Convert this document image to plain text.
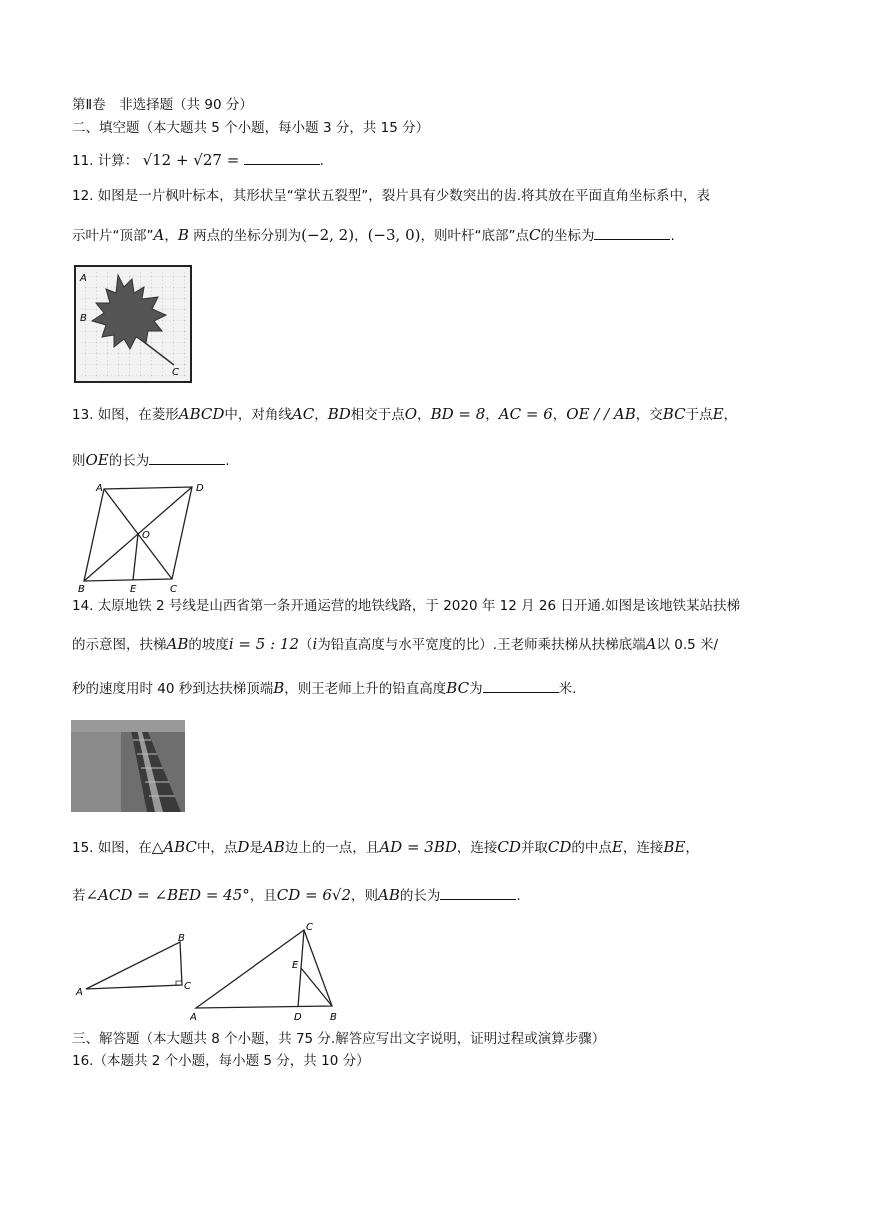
第Ⅱ卷　非选择题（共 90 分）
二、填空题（本大题共 5 个小题，每小题 3 分，共 15 分）
11. 计算： √12 + √27 =	.
12. 如图是一片枫叶标本，其形状呈“掌状五裂型”，裂片具有少数突出的齿.将其放在平面直角坐标系中，表
示叶片“顶部”A，B 两点的坐标分别为(−2, 2)，(−3, 0)，则叶杆“底部”点C的坐标为	.
A
B
C
13. 如图，在菱形ABCD中，对角线AC，BD相交于点O，BD = 8，AC = 6，OE / / AB，交BC于点E，
则OE的长为	.
A	D
B	C
O
E
14. 太原地铁 2 号线是山西省第一条开通运营的地铁线路，于 2020 年 12 月 26 日开通.如图是该地铁某站扶梯
的示意图，扶梯AB的坡度i = 5 : 12（i为铅直高度与水平宽度的比）.王老师乘扶梯从扶梯底端A以 0.5 米/
秒的速度用时 40 秒到达扶梯顶端B，则王老师上升的铅直高度BC为	米.
15. 如图，在△ABC中，点D是AB边上的一点，且AD = 3BD，连接CD并取CD的中点E，连接BE，
若∠ACD = ∠BED = 45°，且CD = 6√2，则AB的长为	.
A
B
C
A
C
E
D	B
三、解答题（本大题共 8 个小题，共 75 分.解答应写出文字说明，证明过程或演算步骤）
16.（本题共 2 个小题，每小题 5 分，共 10 分）
